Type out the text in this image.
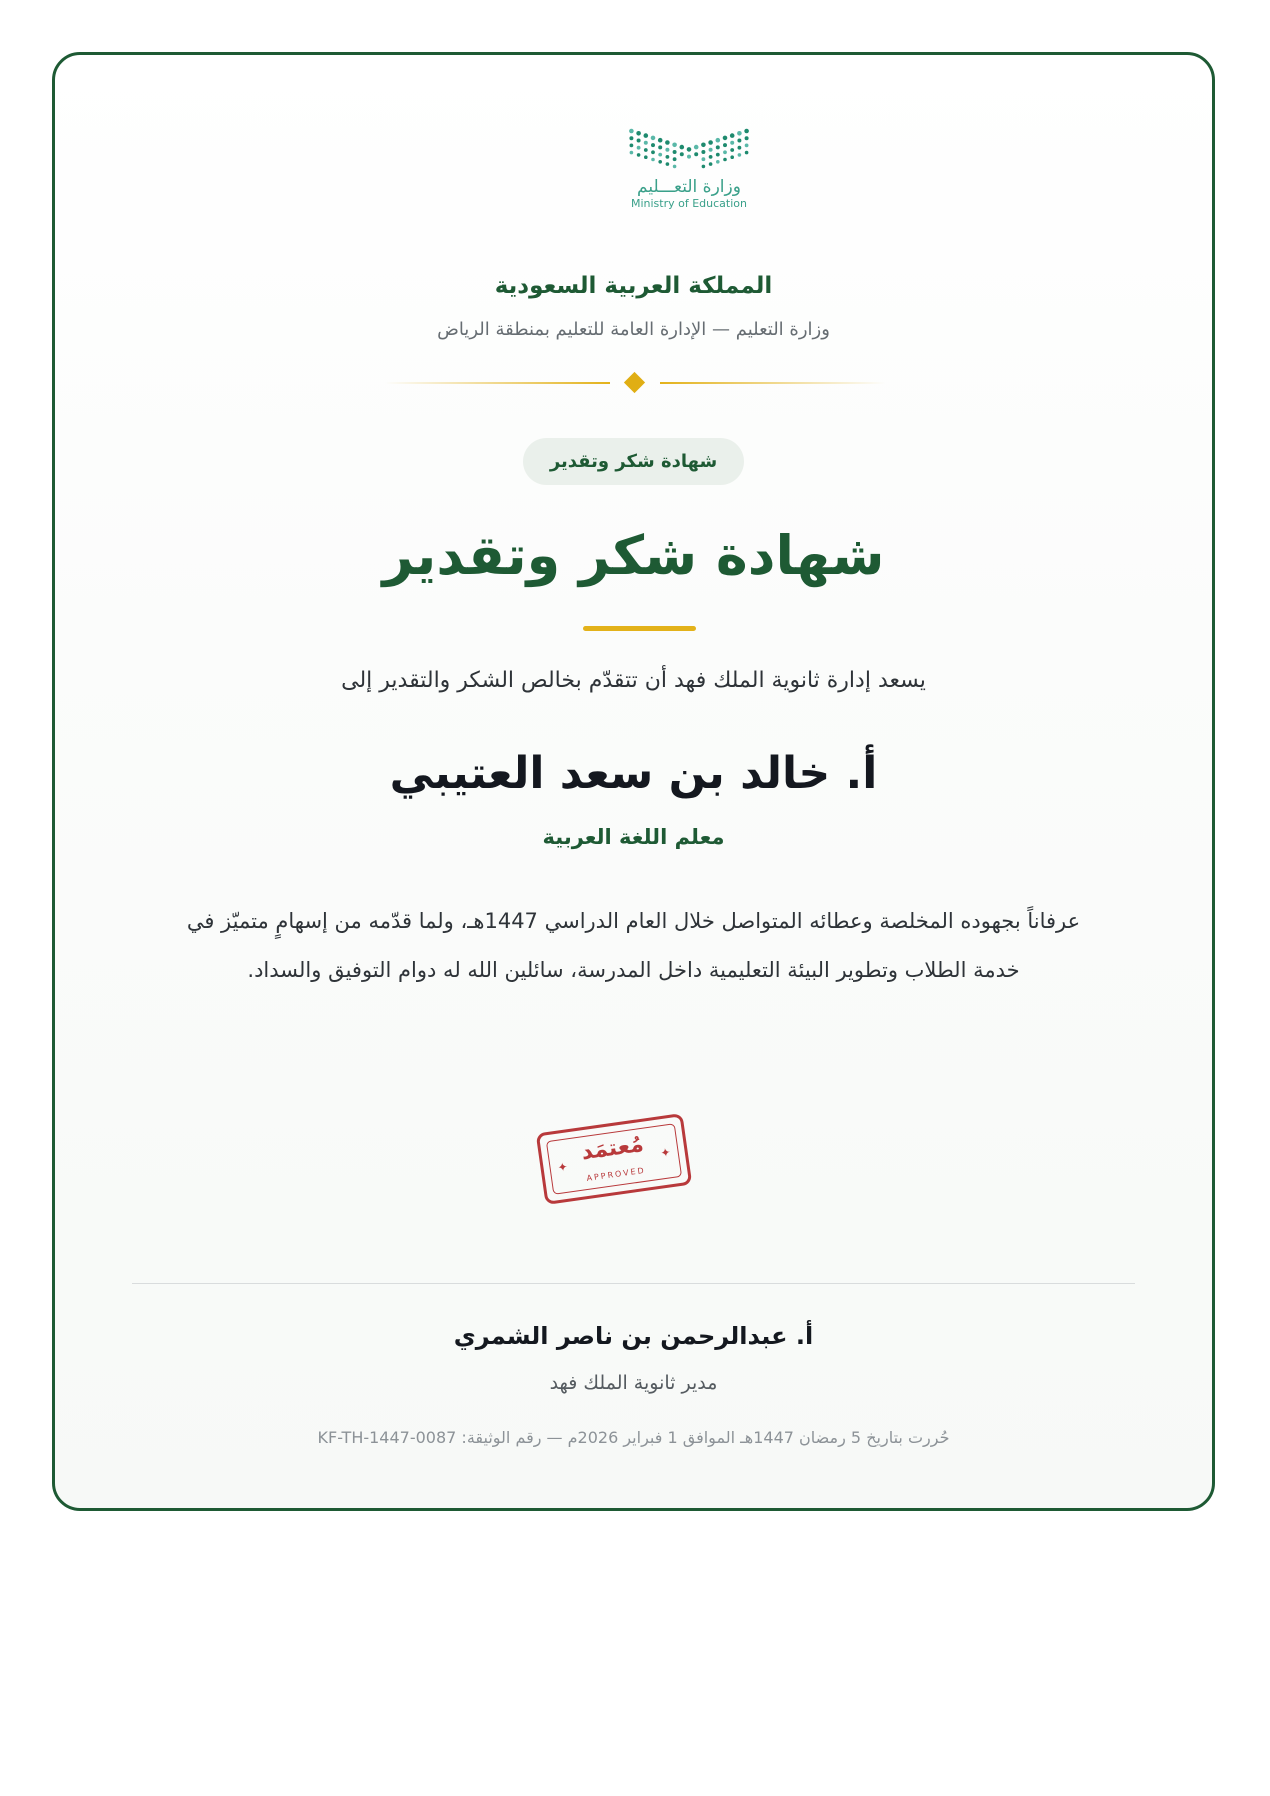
وزارة التعـــليم
Ministry of Education
المملكة العربية السعودية
وزارة التعليم — الإدارة العامة للتعليم بمنطقة الرياض
شهادة شكر وتقدير
شهادة شكر وتقدير
يسعد إدارة ثانوية الملك فهد أن تتقدّم بخالص الشكر والتقدير إلى
أ. خالد بن سعد العتيبي
معلم اللغة العربية
عرفاناً بجهوده المخلصة وعطائه المتواصل خلال العام الدراسي 1447هـ، ولما قدّمه من إسهامٍ متميّز في خدمة الطلاب وتطوير البيئة التعليمية داخل المدرسة، سائلين الله له دوام التوفيق والسداد.
✦
مُعتمَد
APPROVED
✦
أ. عبدالرحمن بن ناصر الشمري
مدير ثانوية الملك فهد
حُررت بتاريخ 5 رمضان 1447هـ الموافق 1 فبراير 2026م — رقم الوثيقة: KF-TH-1447-0087
